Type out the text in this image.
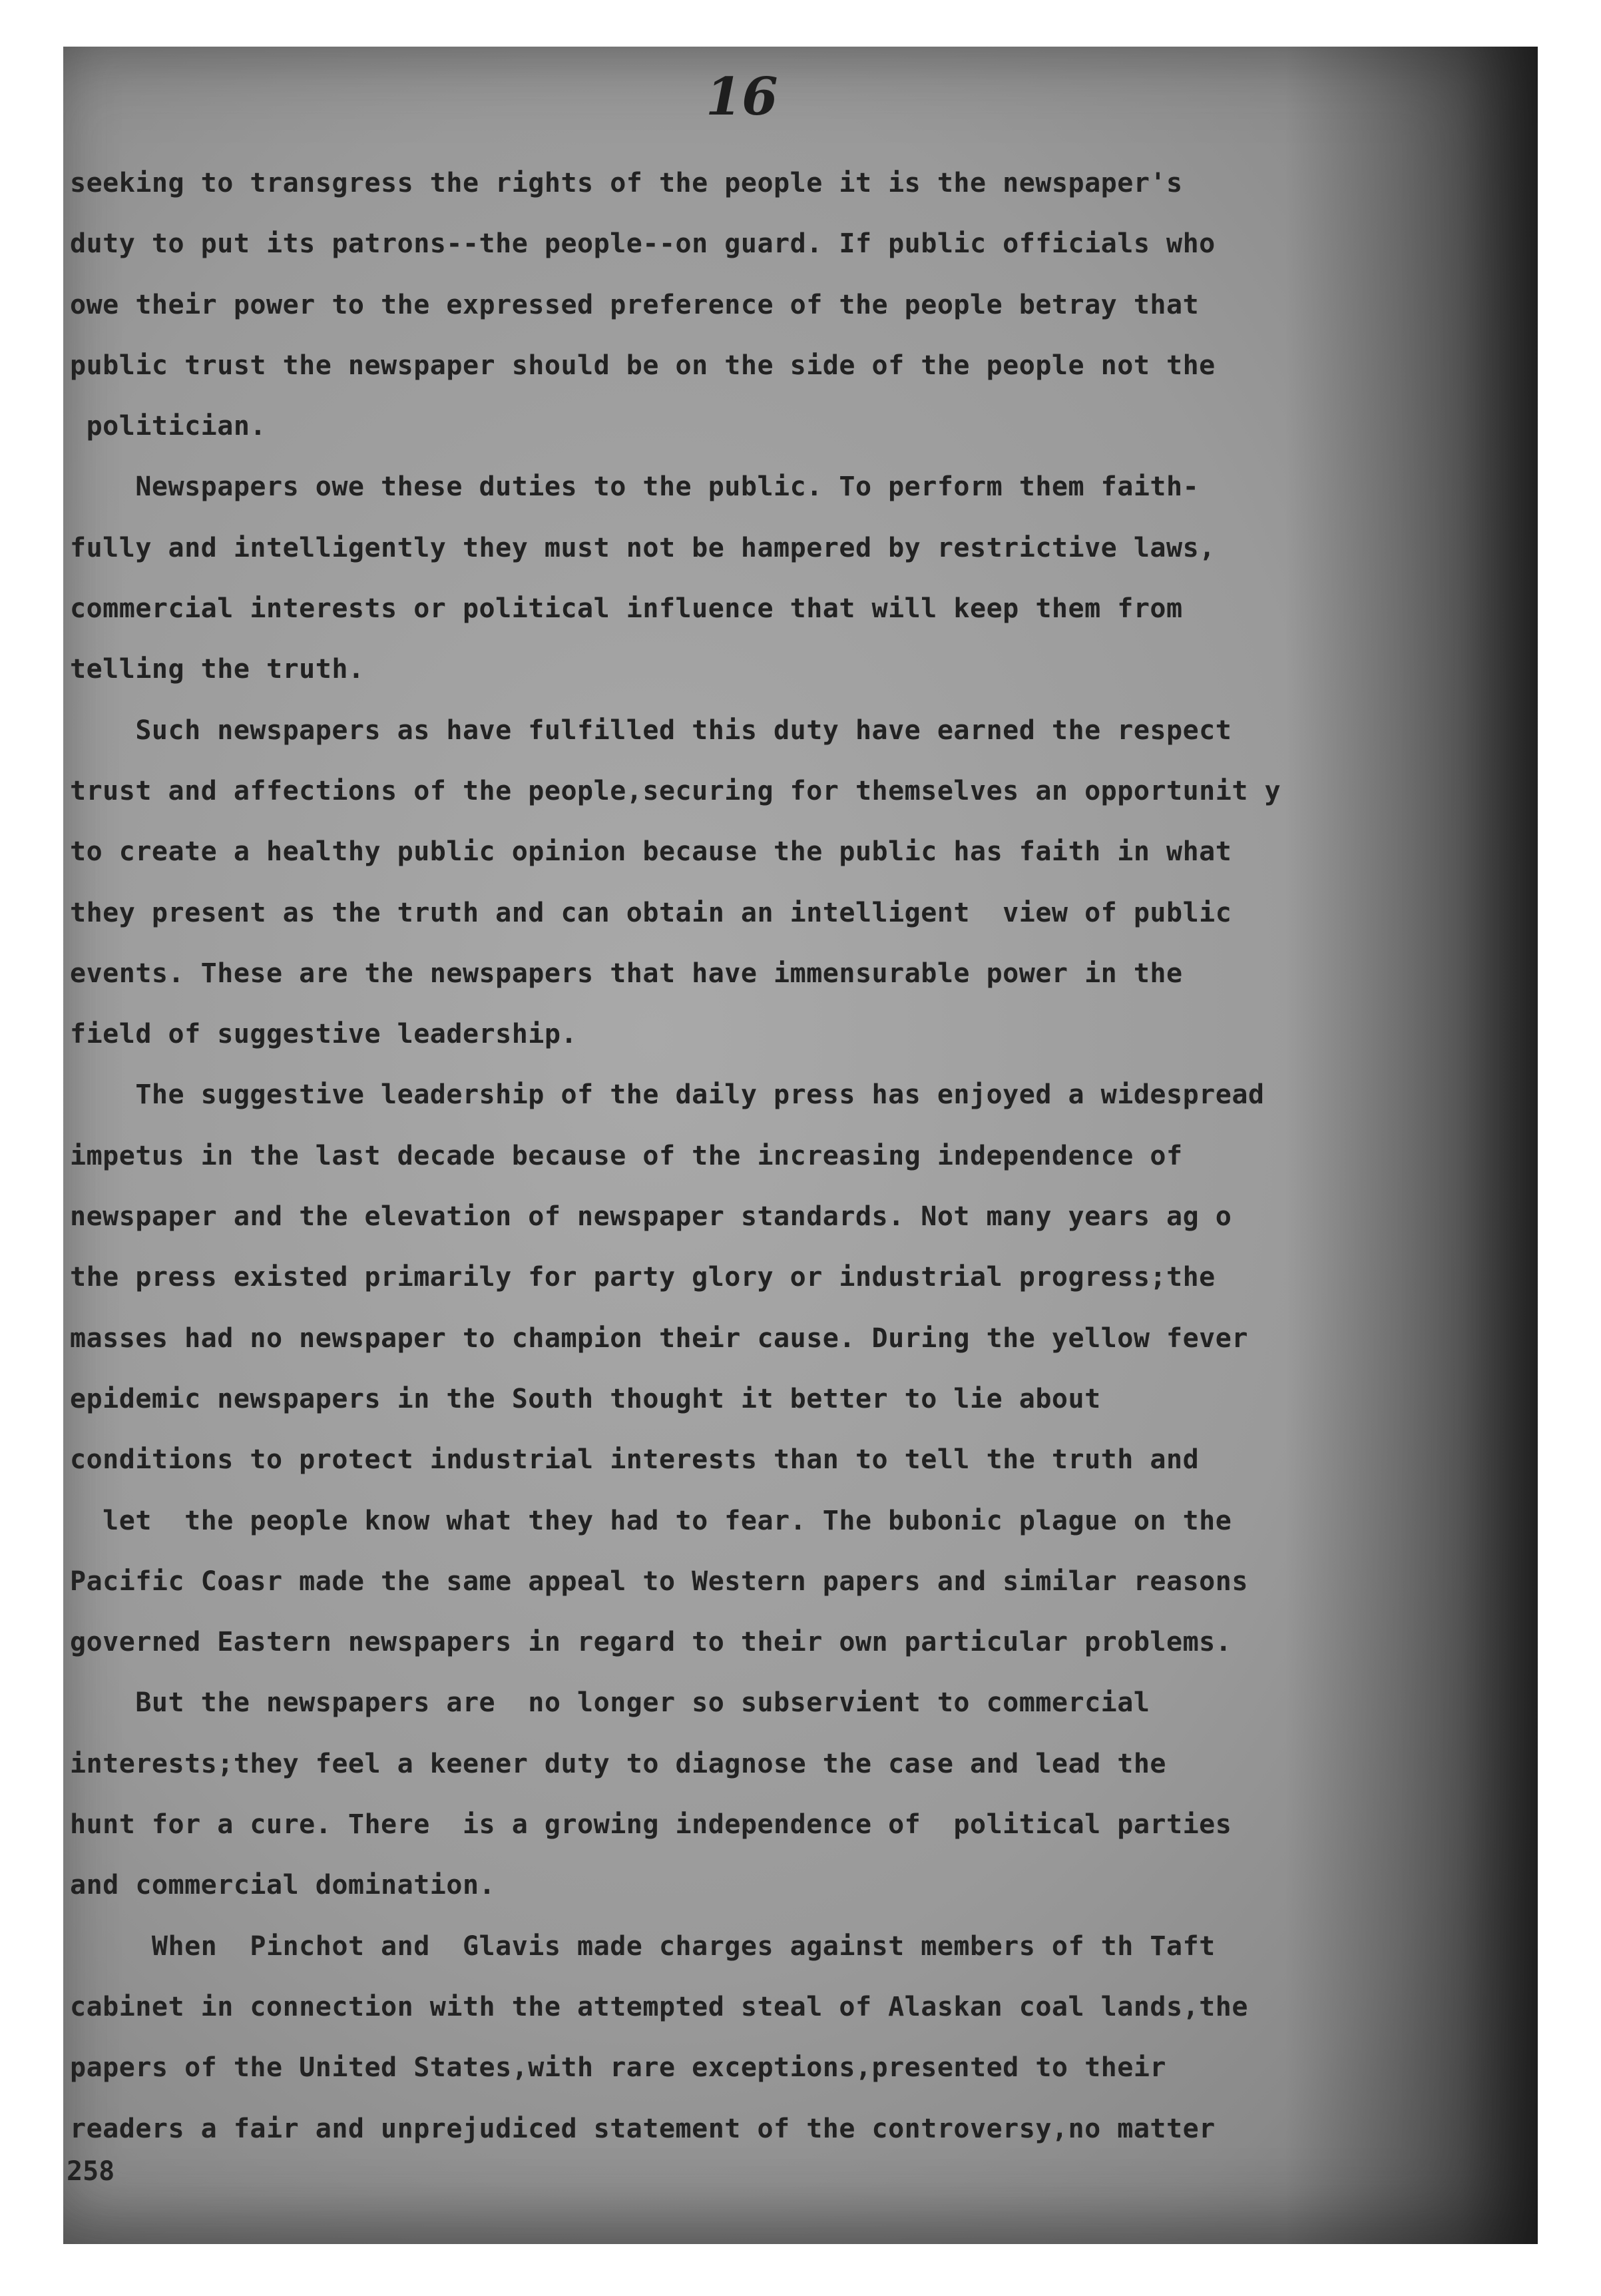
16
seeking to transgress the rights of the people it is the newspaper's
duty to put its patrons--the people--on guard. If public officials who
owe their power to the expressed preference of the people betray that
public trust the newspaper should be on the side of the people not the
politician.
Newspapers owe these duties to the public. To perform them faith-
fully and intelligently they must not be hampered by restrictive laws,
commercial interests or political influence that will keep them from
telling the truth.
Such newspapers as have fulfilled this duty have earned the respect
trust and affections of the people,securing for themselves an opportunit y
to create a healthy public opinion because the public has faith in what
they present as the truth and can obtain an intelligent  view of public
events. These are the newspapers that have immensurable power in the
field of suggestive leadership.
The suggestive leadership of the daily press has enjoyed a widespread
impetus in the last decade because of the increasing independence of
newspaper and the elevation of newspaper standards. Not many years ag o
the press existed primarily for party glory or industrial progress;the
masses had no newspaper to champion their cause. During the yellow fever
epidemic newspapers in the South thought it better to lie about
conditions to protect industrial interests than to tell the truth and
let  the people know what they had to fear. The bubonic plague on the
Pacific Coasr made the same appeal to Western papers and similar reasons
governed Eastern newspapers in regard to their own particular problems.
But the newspapers are  no longer so subservient to commercial
interests;they feel a keener duty to diagnose the case and lead the
hunt for a cure. There  is a growing independence of  political parties
and commercial domination.
When  Pinchot and  Glavis made charges against members of th Taft
cabinet in connection with the attempted steal of Alaskan coal lands,the
papers of the United States,with rare exceptions,presented to their
readers a fair and unprejudiced statement of the controversy,no matter
258
